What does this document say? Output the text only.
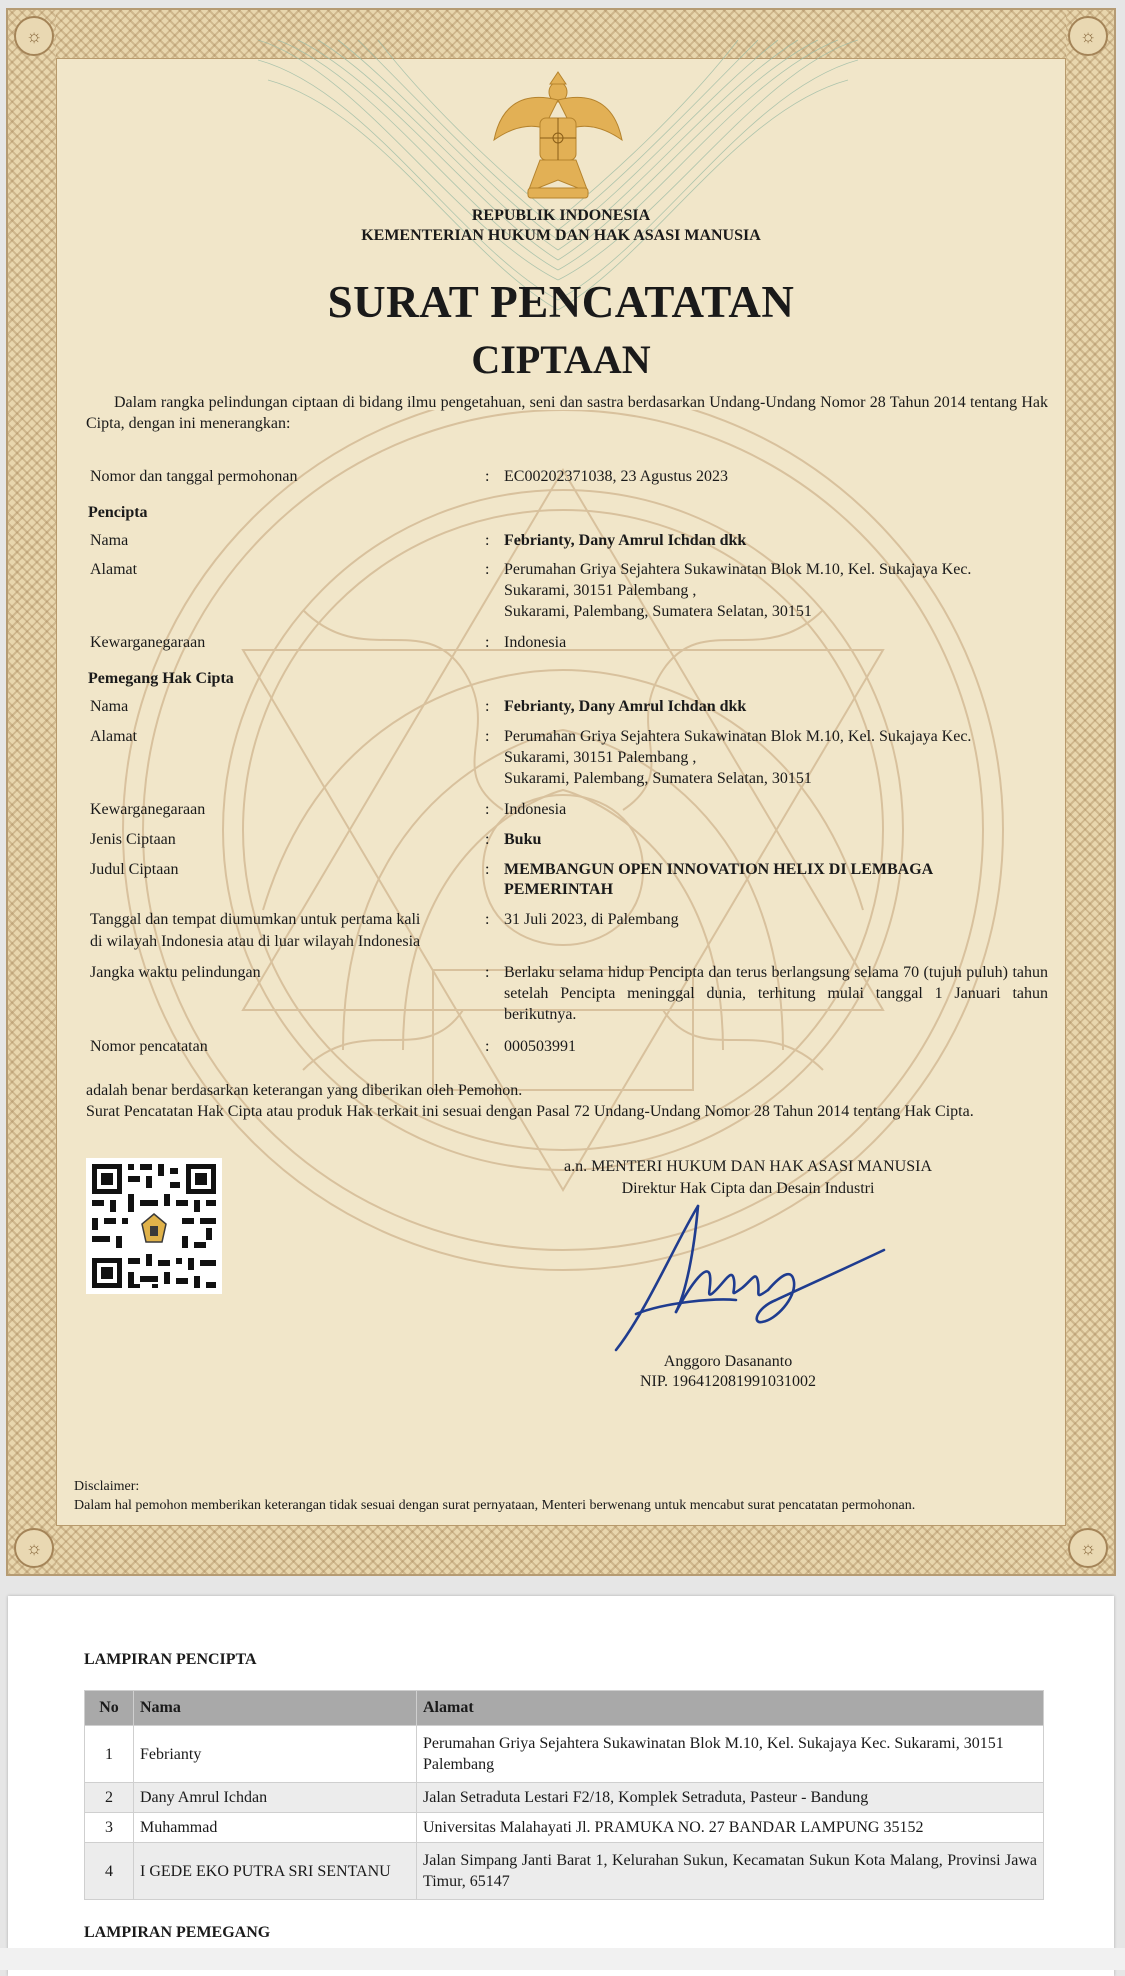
☼	☼
☼	☼
REPUBLIK INDONESIA
KEMENTERIAN HUKUM DAN HAK ASASI MANUSIA
SURAT PENCATATAN
CIPTAAN
Dalam rangka pelindungan ciptaan di bidang ilmu pengetahuan, seni dan sastra berdasarkan Undang-Undang Nomor 28 Tahun 2014 tentang Hak Cipta, dengan ini menerangkan:
Nomor dan tanggal permohonan	: EC00202371038, 23 Agustus 2023
Pencipta
Nama	: Febrianty, Dany Amrul Ichdan dkk
Alamat	: Perumahan Griya Sejahtera Sukawinatan Blok M.10, Kel. Sukajaya Kec.
Sukarami, 30151 Palembang ,
Sukarami, Palembang, Sumatera Selatan, 30151
Kewarganegaraan	: Indonesia
Pemegang Hak Cipta
Nama	: Febrianty, Dany Amrul Ichdan dkk
Alamat	: Perumahan Griya Sejahtera Sukawinatan Blok M.10, Kel. Sukajaya Kec.
Sukarami, 30151 Palembang ,
Sukarami, Palembang, Sumatera Selatan, 30151
Kewarganegaraan	: Indonesia
Jenis Ciptaan	: Buku
Judul Ciptaan	: MEMBANGUN OPEN INNOVATION HELIX DI LEMBAGA
PEMERINTAH
Tanggal dan tempat diumumkan untuk pertama kali
di wilayah Indonesia atau di luar wilayah Indonesia
: 31 Juli 2023, di Palembang
Jangka waktu pelindungan	: Berlaku selama hidup Pencipta dan terus berlangsung selama 70 (tujuh puluh) tahun setelah Pencipta meninggal dunia, terhitung mulai tanggal 1 Januari tahun berikutnya.
Nomor pencatatan	: 000503991
adalah benar berdasarkan keterangan yang diberikan oleh Pemohon.
Surat Pencatatan Hak Cipta atau produk Hak terkait ini sesuai dengan Pasal 72 Undang-Undang Nomor 28 Tahun 2014 tentang Hak Cipta.
a.n. MENTERI HUKUM DAN HAK ASASI MANUSIA
Direktur Hak Cipta dan Desain Industri
Anggoro Dasananto
NIP. 196412081991031002
Disclaimer:
Dalam hal pemohon memberikan keterangan tidak sesuai dengan surat pernyataan, Menteri berwenang untuk mencabut surat pencatatan permohonan.
LAMPIRAN PENCIPTA
No	Nama	Alamat
1	Febrianty	Perumahan Griya Sejahtera Sukawinatan Blok M.10, Kel. Sukajaya Kec. Sukarami, 30151 Palembang
2	Dany Amrul Ichdan	Jalan Setraduta Lestari F2/18, Komplek Setraduta, Pasteur - Bandung
3	Muhammad	Universitas Malahayati Jl. PRAMUKA NO. 27 BANDAR LAMPUNG 35152
4	I GEDE EKO PUTRA SRI SENTANU	Jalan Simpang Janti Barat 1, Kelurahan Sukun, Kecamatan Sukun Kota Malang, Provinsi Jawa Timur, 65147
LAMPIRAN PEMEGANG
